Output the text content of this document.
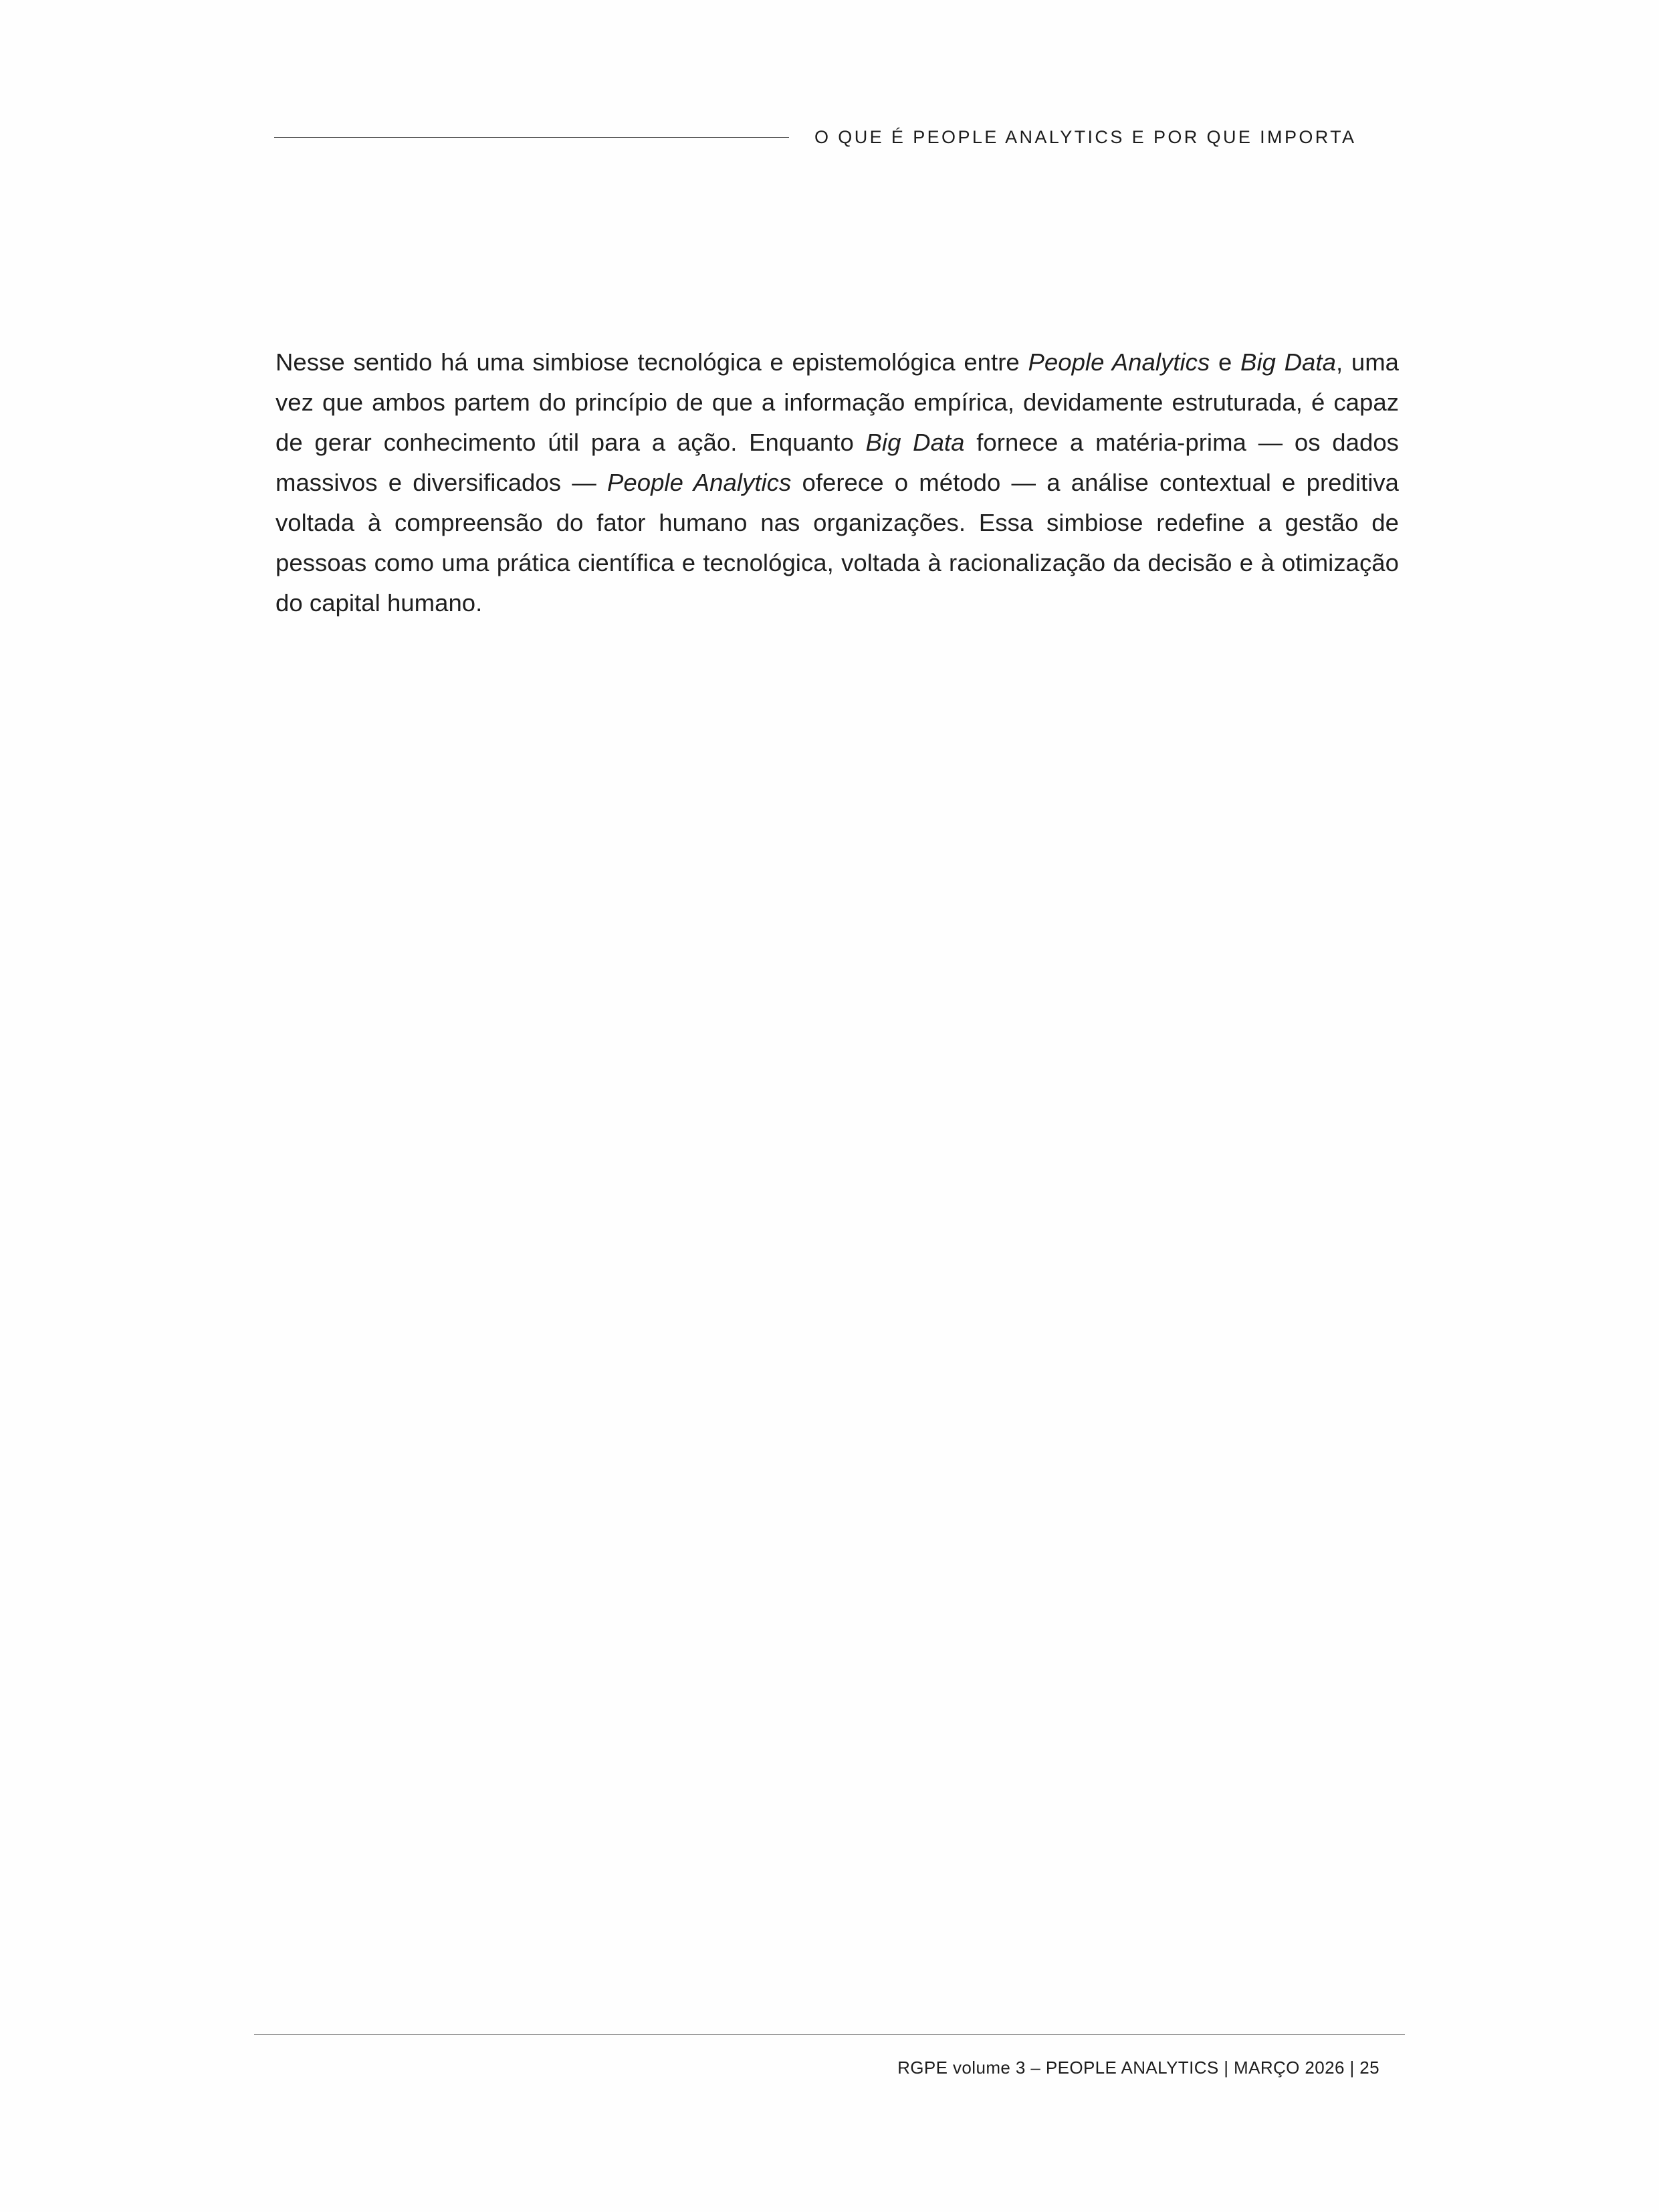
O QUE É PEOPLE ANALYTICS E POR QUE IMPORTA

Nesse sentido há uma simbiose tecnológica e epistemológica entre People Analytics e Big Data, uma vez que ambos partem do princípio de que a informação empírica, devidamente estruturada, é capaz de gerar conhecimento útil para a ação. Enquanto Big Data fornece a matéria-prima — os dados massivos e diversificados — People Analytics oferece o método — a análise contextual e preditiva voltada à compreensão do fator humano nas organizações. Essa simbiose redefine a gestão de pessoas como uma prática científica e tecnológica, voltada à racionalização da decisão e à otimização do capital humano.

RGPE volume 3 – PEOPLE ANALYTICS | MARÇO 2026 | 25
